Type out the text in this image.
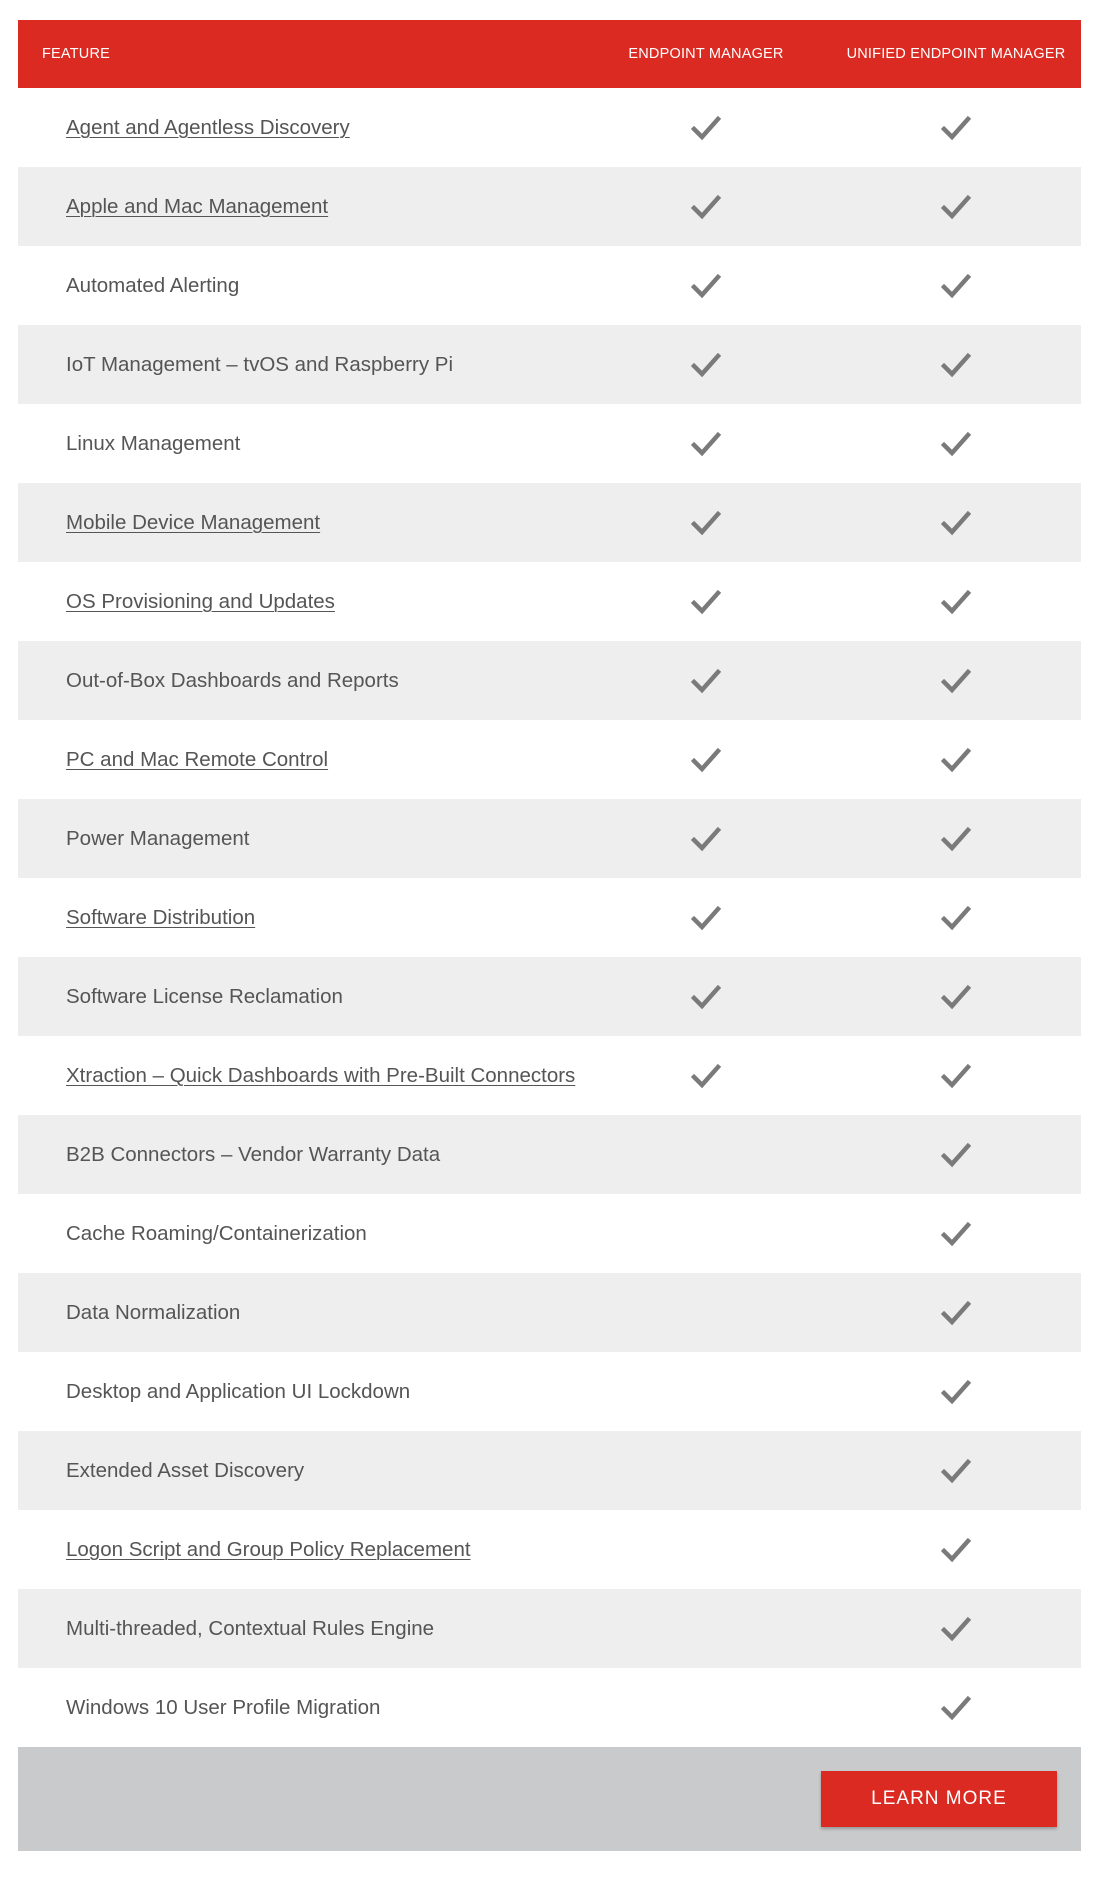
FEATURE	ENDPOINT MANAGER	UNIFIED ENDPOINT MANAGER
Agent and Agentless Discovery
Apple and Mac Management
Automated Alerting
IoT Management – tvOS and Raspberry Pi
Linux Management
Mobile Device Management
OS Provisioning and Updates
Out-of-Box Dashboards and Reports
PC and Mac Remote Control
Power Management
Software Distribution
Software License Reclamation
Xtraction – Quick Dashboards with Pre-Built Connectors
B2B Connectors – Vendor Warranty Data
Cache Roaming/Containerization
Data Normalization
Desktop and Application UI Lockdown
Extended Asset Discovery
Logon Script and Group Policy Replacement
Multi-threaded, Contextual Rules Engine
Windows 10 User Profile Migration
LEARN MORE
